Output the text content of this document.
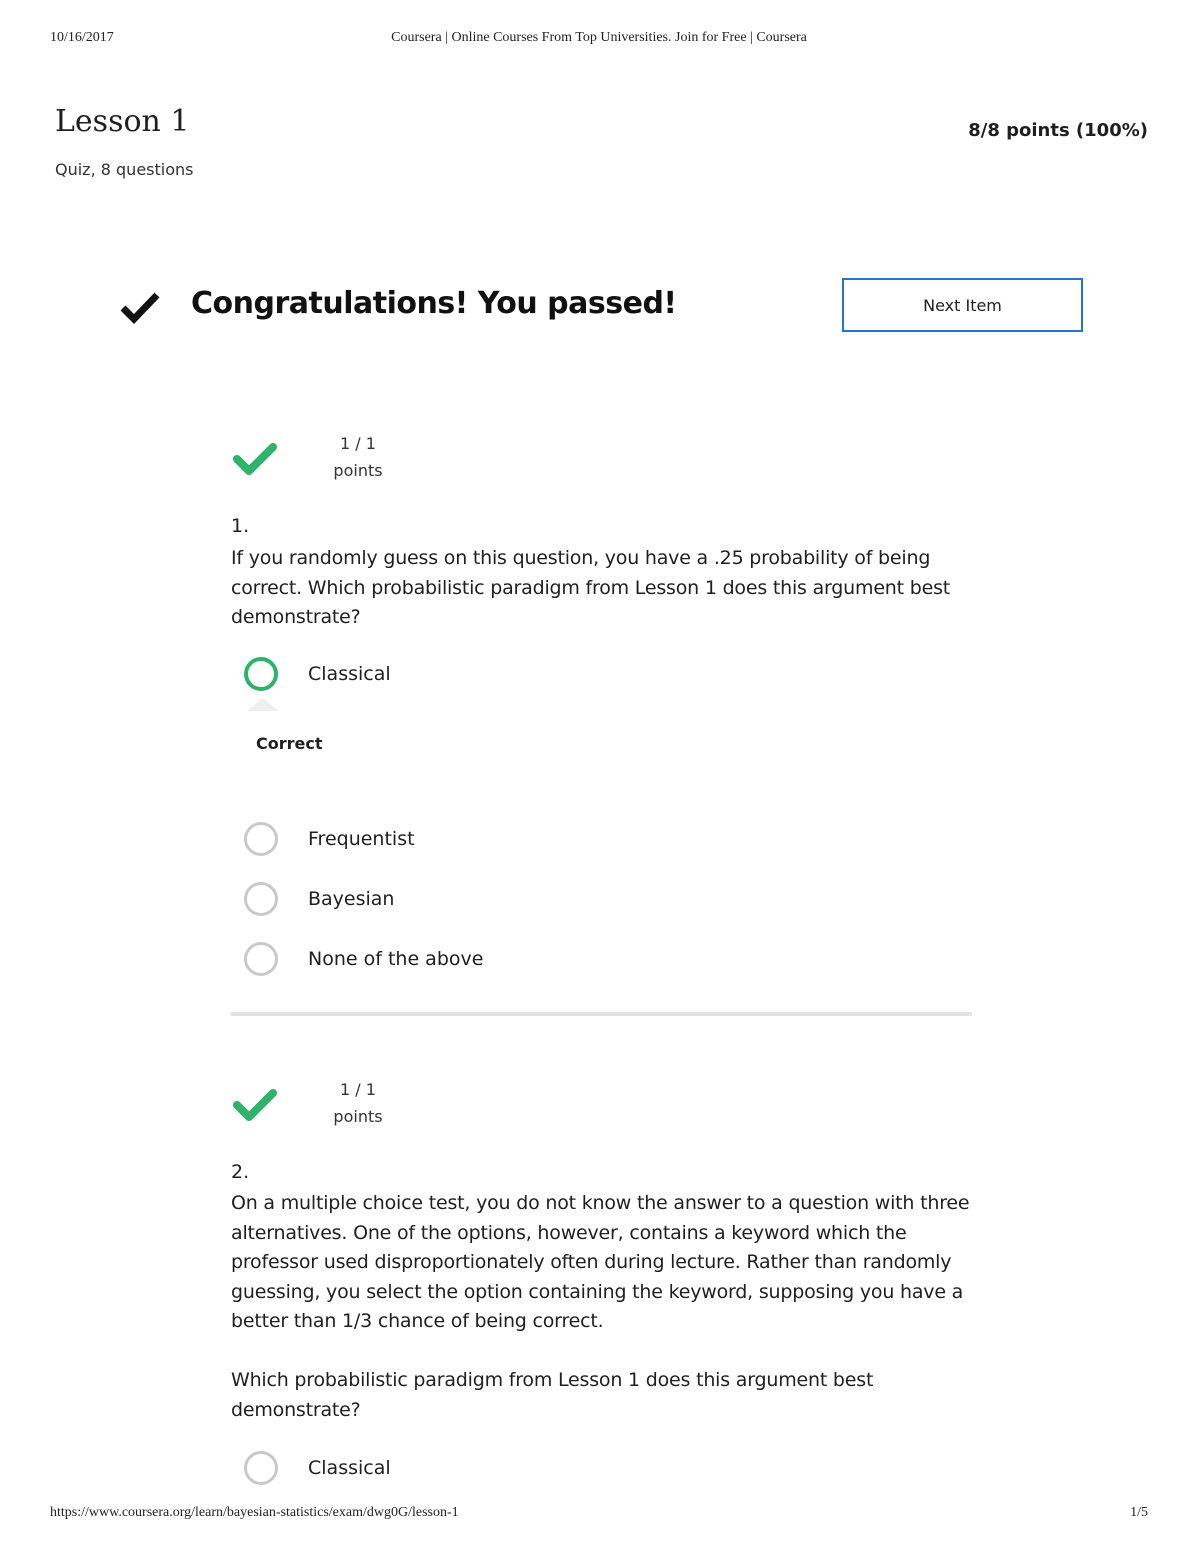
10/16/2017	Coursera | Online Courses From Top Universities. Join for Free | Coursera
Lesson 1
Quiz, 8 questions
8/8 points (100%)
Congratulations! You passed!	Next Item
1 / 1
points
1.
If you randomly guess on this question, you have a .25 probability of being correct. Which probabilistic paradigm from Lesson 1 does this argument best demonstrate?
Classical
Correct
Frequentist
Bayesian
None of the above
1 / 1
points
2.
On a multiple choice test, you do not know the answer to a question with three alternatives. One of the options, however, contains a keyword which the professor used disproportionately often during lecture. Rather than randomly guessing, you select the option containing the keyword, supposing you have a better than 1/3 chance of being correct.
Which probabilistic paradigm from Lesson 1 does this argument best demonstrate?
Classical
https://www.coursera.org/learn/bayesian-statistics/exam/dwg0G/lesson-1	1/5
